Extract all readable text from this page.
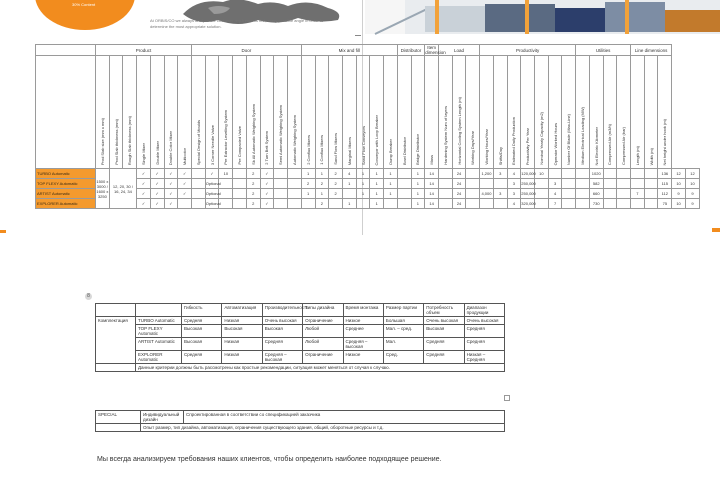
30% Content
At ORBIS/CO we always analyze our customer requirements first, every possible angle in order to determine the most appropriate solution.
	Product							Door								Mix and fill							Distributor		Item dimension	Load			Productivity							Utilities				Line dimensions				
	Prod Slab size (mm x mm)	Prod Slab thickness (mm)	Rough Slab thickness (mm)	Single Mixer	Double Mixer	Double Color Mixer	Multicolor	Special Design of Moulds	3 Corner Needle Valve	Pre Extractor Levelling System	Pre Compacted Valve	Sk All Automatic Weighing System	2 Turn Belt System	Semi Automatic Weighing System	Automatic Weighing System	2 Conflux Mixers	1 Conflux Mixers	Sand Flow Mixers	Marginal Mixers	Sand Flow Conveyors	Conveyor with Loop Breaker	Dump Breaker	Bowl Distributor	Bridge Distributor	Mass	Hardening System Num of layers	Horizontal Cooling System Length (m)	Working Days/Year	Working Hours/Year	Shifts/Day	Estimated Daily Production	Productivity Per Year	Nominal Yearly Capacity (m2)	Operator Worked Hours	Number Of Blade (Max-Line)	Medium Electrical Loading (MW)	Not Electric Kilometer	Compressed Air (m3/h)	Compressed Air (bar)	Length (m)	Width (m)	Net height under hook (m)		
TURBO Automatic	1500 x 3000 / 1600 x 3250	12, 20, 30 / 16, 24, 34		✓	✓	✓	✓		✓	10		2	✓			1	1	2	4	1	1	1		1	14		24		1,200	3	4	120,000	10				1020					136	12	12
TOP FLEXY Automatic				✓	✓	✓	✓		Optional			2	✓			2	2	2	1	1	1	1		1	14		24				3	250,000		3			582					115	10	10
ARTIST Automatic				✓	✓	✓	✓		Optional			2	✓			1	1	2		1	1	1		1	14		24		4,000	3	3	250,000		4			660			7		112	9	9
EXPLORER Automatic				✓	✓	✓			Optional			2	✓				2		1		1			1	14		24				4	320,000		7			730					75	10	9
8
		Гибкость	Автоматизация	Производительность	Типы дизайна	Время монтажа	Размер партии	Потребность объем	Диапазон продукции
Комплектация	TURBO Automatic	Средняя	Низкая	Очень высокая	Ограничение	Низкое	Большая	Очень высокая	Очень высокая
	TOP FLEXY Automatic	Высокая	Высокая	Высокая	Любой	Среднее	Мал. – сред.	Высокая	Средняя
	ARTIST Automatic	Высокая	Низкая	Средняя	Любой	Средняя – высокая	Мал.	Средняя	Средняя
	EXPLORER Automatic	Средняя	Низкая	Средняя – высокая	Ограничение	Низкое	Сред.	Средняя	Низкая – Средняя
	Данные критерии должны быть рассмотрены как простые рекомендации, ситуация может меняться от случая к случаю.								
SPECIAL	Индивидуальный дизайн	Спроектированная в соответствии со спецификацией заказчика
	Опыт размер, тип дизайна, автоматизация, ограничения существующего здания, общий, оборотные ресурсы и т.д.	
Мы всегда анализируем требования наших клиентов, чтобы определить наиболее подходящее решение.
